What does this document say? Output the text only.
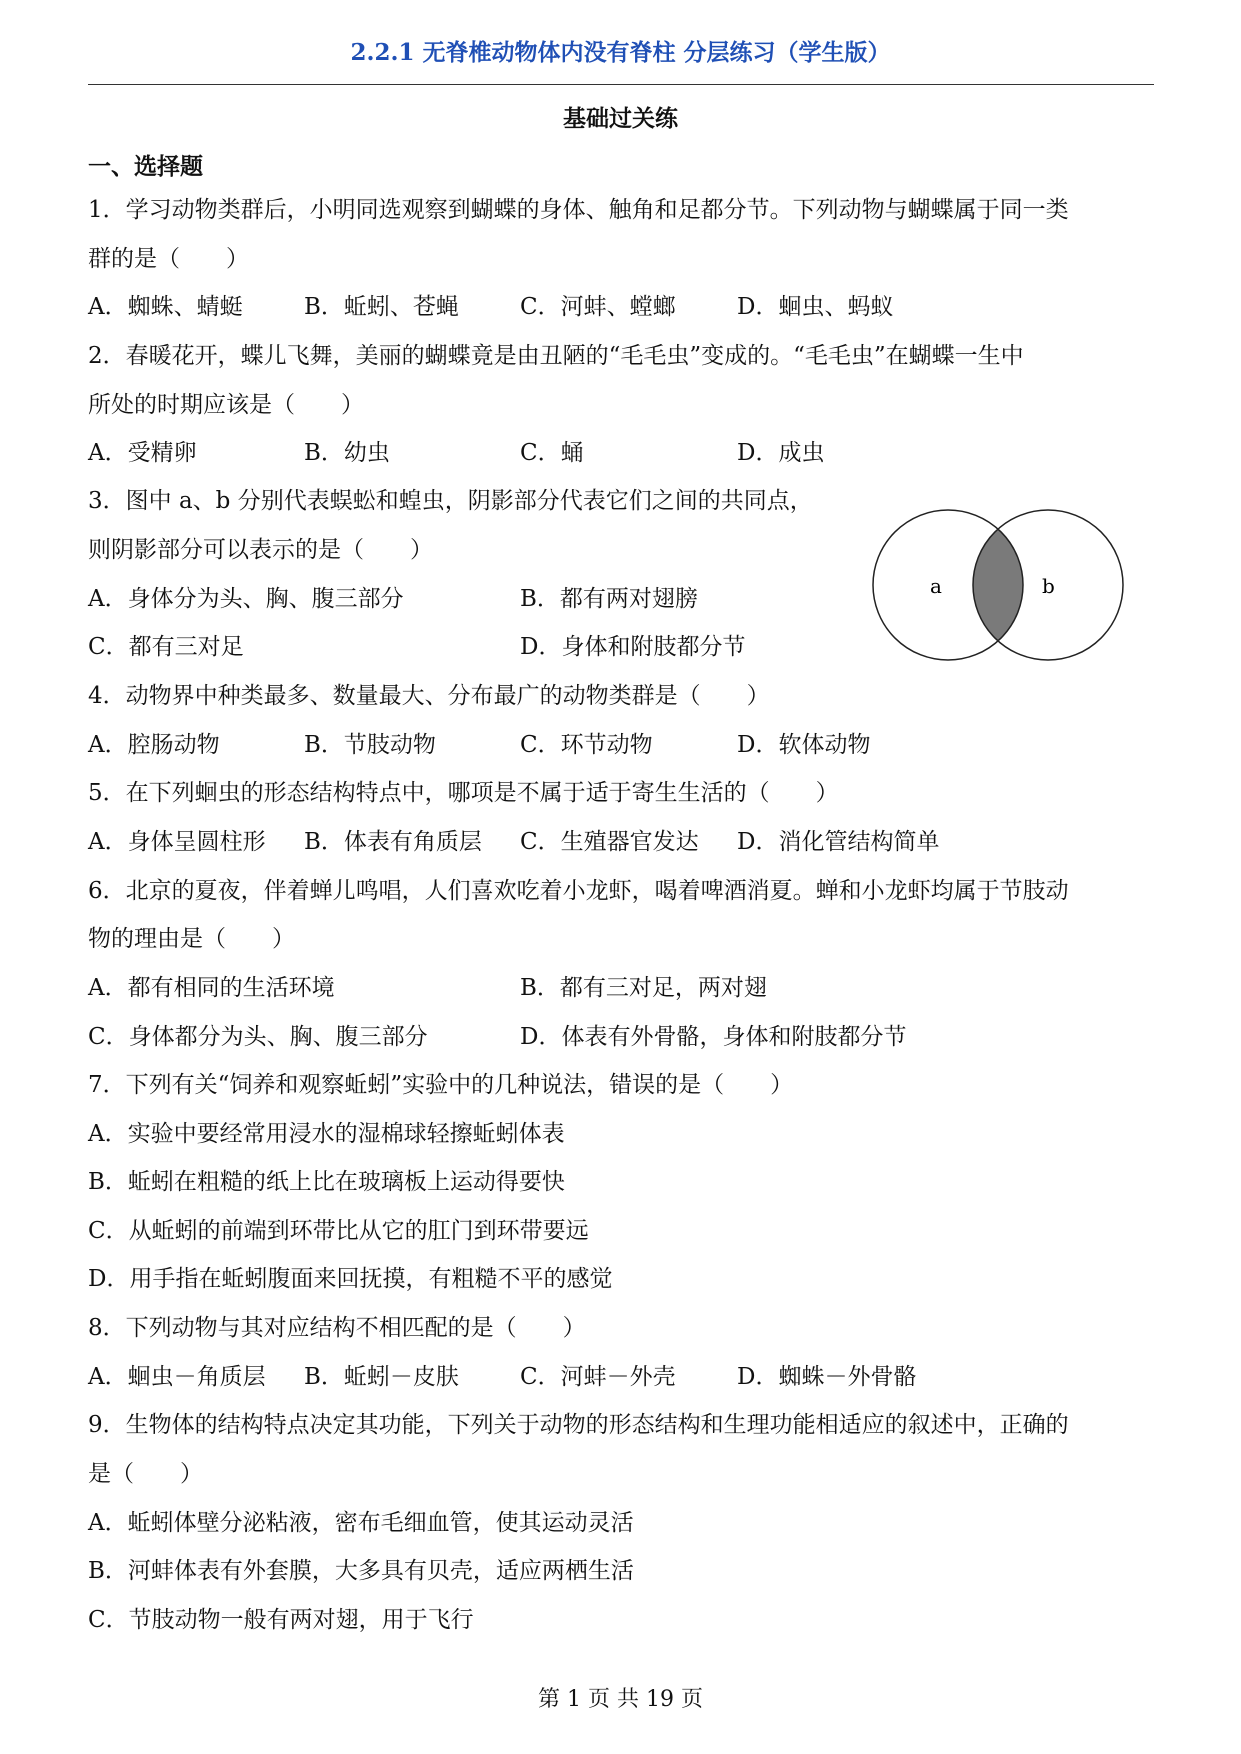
2.2.1 无脊椎动物体内没有脊柱 分层练习（学生版）
基础过关练
一、选择题
1．学习动物类群后，小明同选观察到蝴蝶的身体、触角和足都分节。下列动物与蝴蝶属于同一类
群的是（　　）
A．蜘蛛、蜻蜓	B．蚯蚓、苍蝇	C．河蚌、螳螂	D．蛔虫、蚂蚁
2．春暖花开，蝶儿飞舞，美丽的蝴蝶竟是由丑陋的“毛毛虫”变成的。“毛毛虫”在蝴蝶一生中
所处的时期应该是（　　）
A．受精卵	B．幼虫	C．蛹	D．成虫
3．图中 a、b 分别代表蜈蚣和蝗虫，阴影部分代表它们之间的共同点，
则阴影部分可以表示的是（　　）
A．身体分为头、胸、腹三部分	B．都有两对翅膀
C．都有三对足	D．身体和附肢都分节
a	b
4．动物界中种类最多、数量最大、分布最广的动物类群是（　　）
A．腔肠动物	B．节肢动物	C．环节动物	D．软体动物
5．在下列蛔虫的形态结构特点中，哪项是不属于适于寄生生活的（　　）
A．身体呈圆柱形 B．体表有角质层 C．生殖器官发达 D．消化管结构简单
6．北京的夏夜，伴着蝉儿鸣唱，人们喜欢吃着小龙虾，喝着啤酒消夏。蝉和小龙虾均属于节肢动
物的理由是（　　）
A．都有相同的生活环境	B．都有三对足，两对翅
C．身体都分为头、胸、腹三部分	D．体表有外骨骼，身体和附肢都分节
7．下列有关“饲养和观察蚯蚓”实验中的几种说法，错误的是（　　）
A．实验中要经常用浸水的湿棉球轻擦蚯蚓体表
B．蚯蚓在粗糙的纸上比在玻璃板上运动得要快
C．从蚯蚓的前端到环带比从它的肛门到环带要远
D．用手指在蚯蚓腹面来回抚摸，有粗糙不平的感觉
8．下列动物与其对应结构不相匹配的是（　　）
A．蛔虫－角质层 B．蚯蚓－皮肤	C．河蚌－外壳	D．蜘蛛－外骨骼
9．生物体的结构特点决定其功能，下列关于动物的形态结构和生理功能相适应的叙述中，正确的
是（　　）
A．蚯蚓体壁分泌粘液，密布毛细血管，使其运动灵活
B．河蚌体表有外套膜，大多具有贝壳，适应两栖生活
C．节肢动物一般有两对翅，用于飞行
第 1 页 共 19 页
